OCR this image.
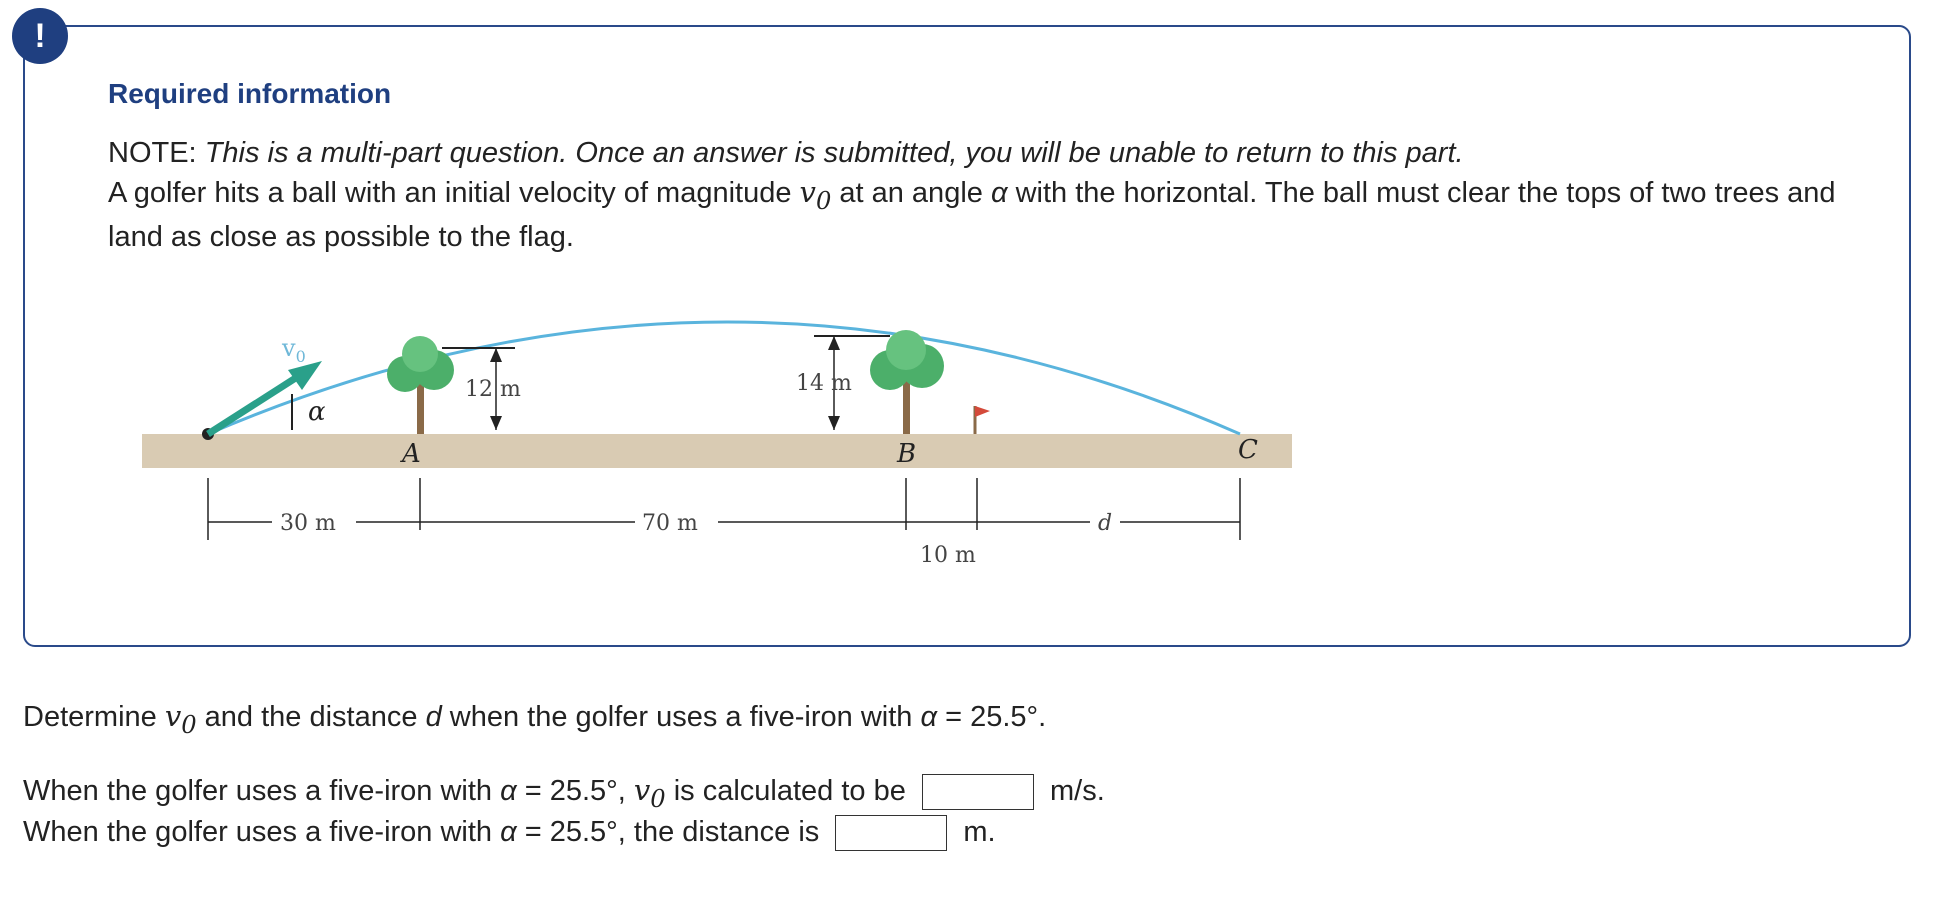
!
Required information
NOTE: This is a multi-part question. Once an answer is submitted, you will be unable to return to this part.
A golfer hits a ball with an initial velocity of magnitude $v_0$ at an angle α with the horizontal. The ball must clear the tops of two trees and land as close as possible to the flag.
$v_0$
α
12 m	14 m
A	B	C
30 m	70 m
10 m
d
Determine $v_0$ and the distance d when the golfer uses a five-iron with α = 25.5°.
When the golfer uses a five-iron with α = 25.5°, $v_0$ is calculated to be	m/s.
When the golfer uses a five-iron with α = 25.5°, the distance is	m.
